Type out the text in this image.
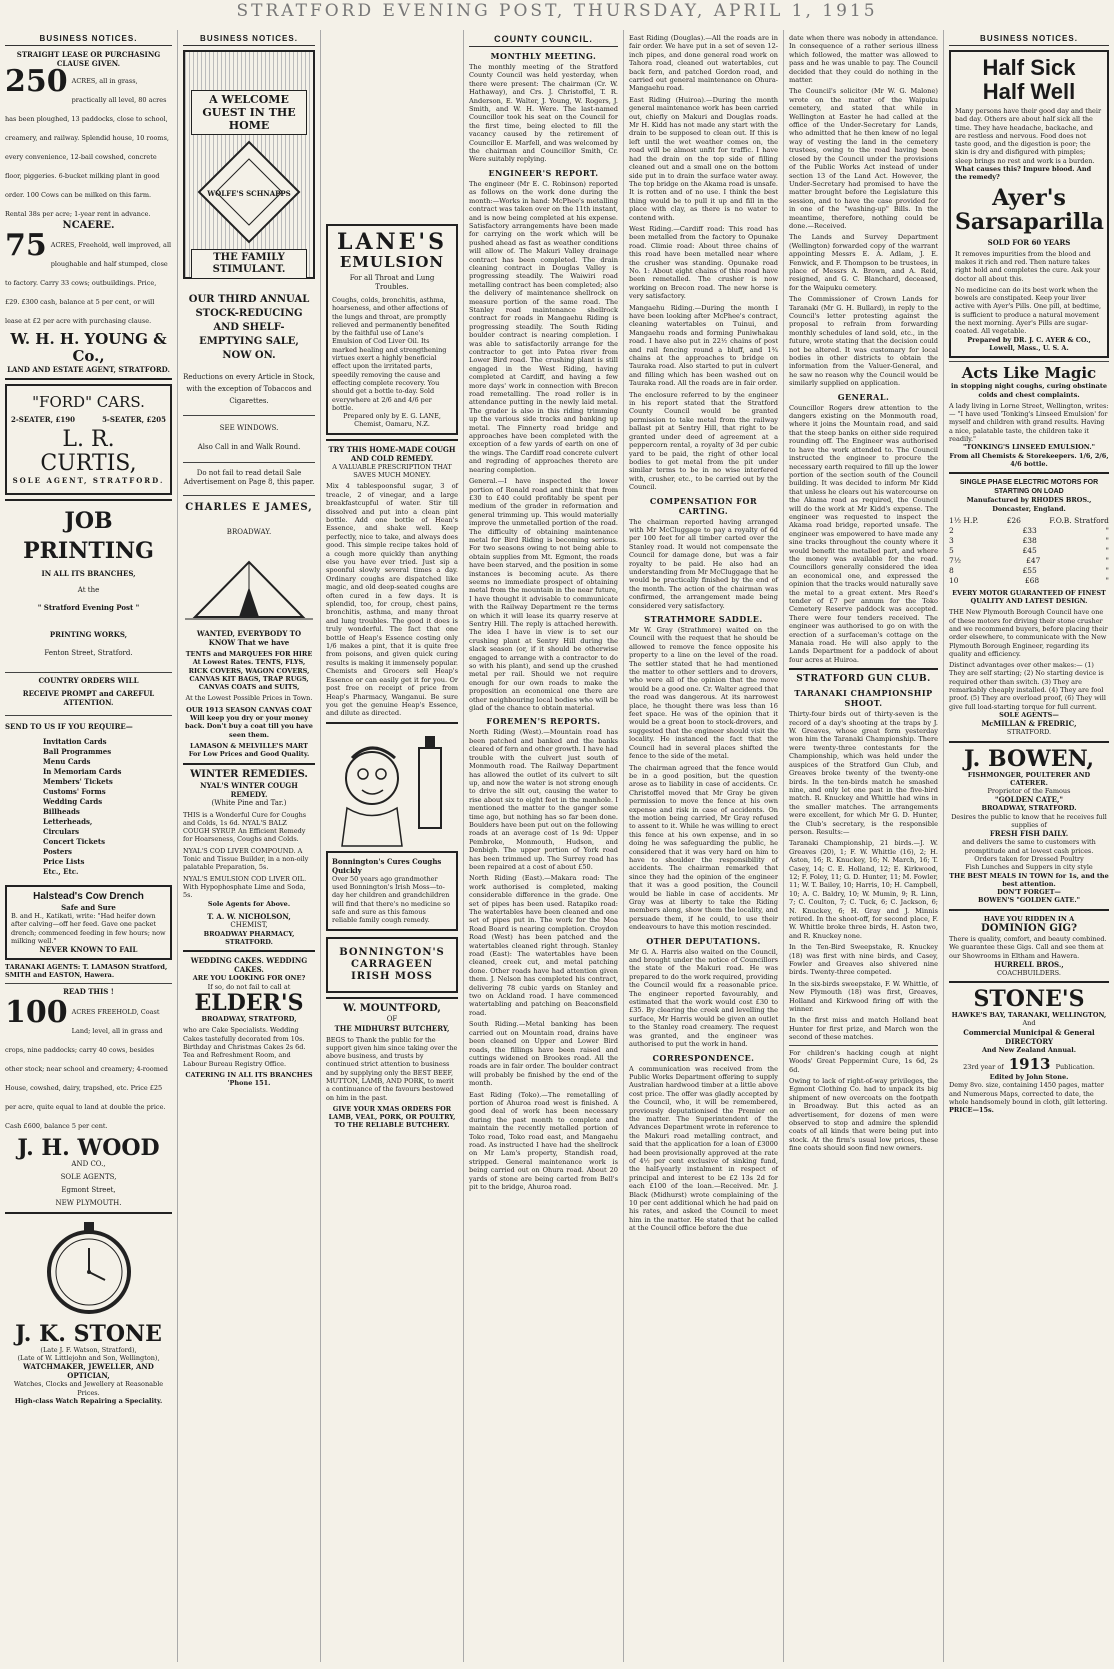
STRATFORD EVENING POST, THURSDAY, APRIL 1, 1915
BUSINESS NOTICES.
STRAIGHT LEASE OR PURCHASING CLAUSE GIVEN.
250 ACRES, all in grass, practically all level, 80 acres has been ploughed, 13 paddocks, close to school, creamery, and railway. Splendid house, 10 rooms, every convenience, 12-bail cowshed, concrete floor, piggeries. 6-bucket milking plant in good order. 100 Cows can be milked on this farm. Rental 38s per acre; 1-year rent in advance.
NCAERE.
75 ACRES, Freehold, well improved, all ploughable and half stumped, close to factory. Carry 33 cows; outbuildings. Price, £29. £300 cash, balance at 5 per cent, or will lease at £2 per acre with purchasing clause.
W. H. H. YOUNG & Co.,
LAND AND ESTATE AGENT, STRATFORD.
"FORD" CARS.
2-SEATER, £190	5-SEATER, £205
L. R. CURTIS,
SOLE AGENT, STRATFORD.
JOB
PRINTING
IN ALL ITS BRANCHES,
At the
" Stratford Evening Post "
PRINTING WORKS,
Fenton Street, Stratford.
COUNTRY ORDERS WILL
RECEIVE PROMPT and CAREFUL ATTENTION.
SEND TO US IF YOU REQUIRE—
Invitation Cards
Ball Programmes
Menu Cards
In Memoriam Cards
Members' Tickets
Customs' Forms
Wedding Cards
Billheads
Letterheads,
Circulars
Concert Tickets
Posters
Price Lists
Etc., Etc.
Halstead's Cow Drench
Safe and Sure
B. and H., Katikati, write: "Had heifer down after calving—off her feed. Gave one packet drench; commenced feeding in few hours; now milking well."
NEVER KNOWN TO FAIL
TARANAKI AGENTS: T. LAMASON Stratford, SMITH and EASTON, Hawera.
READ THIS !
100 ACRES FREEHOLD, Coast Land; level, all in grass and crops, nine paddocks; carry 40 cows, besides other stock; near school and creamery; 4-roomed House, cowshed, dairy, trapshed, etc. Price £25 per acre, quite equal to land at double the price. Cash £600, balance 5 per cent.
J. H. WOOD
AND CO.,
SOLE AGENTS,
Egmont Street,
NEW PLYMOUTH.
J. K. STONE
(Late J. F. Watson, Stratford),
(Late of W. Littlejohn and Son, Wellington),
WATCHMAKER, JEWELLER, AND OPTICIAN,
Watches, Clocks and Jewellery at Reasonable Prices.
High-class Watch Repairing a Speciality.
BUSINESS NOTICES.
A WELCOME GUEST IN THE HOME
WOLFE'S SCHNAPPS
THE FAMILY STIMULANT.
OUR THIRD ANNUAL STOCK-REDUCING AND SHELF-EMPTYING SALE, NOW ON.
Reductions on every Article in Stock, with the exception of Tobaccos and Cigarettes.
SEE WINDOWS.
Also Call in and Walk Round.
Do not fail to read detail Sale Advertisement on Page 8, this paper.
CHARLES E JAMES,
BROADWAY.
WANTED, EVERYBODY TO KNOW That we have
TENTS and MARQUEES FOR HIRE At Lowest Rates. TENTS, FLYS, RICK COVERS, WAGON COVERS, CANVAS KIT BAGS, TRAP RUGS, CANVAS COATS and SUITS,
At the Lowest Possible Prices in Town.
OUR 1913 SEASON CANVAS COAT Will keep you dry or your money back. Don't buy a coat till you have seen them.
LAMASON & MELVILLE'S MART For Low Prices and Good Quality.
WINTER REMEDIES.
NYAL'S WINTER COUGH REMEDY.
(White Pine and Tar.)
THIS is a Wonderful Cure for Coughs and Colds, 1s 6d. NYAL'S BALZ COUGH SYRUP. An Efficient Remedy for Hoarseness, Coughs and Colds.
NYAL'S COD LIVER COMPOUND. A Tonic and Tissue Builder, in a non-oily palatable Preparation, 5s.
NYAL'S EMULSION COD LIVER OIL. With Hypophosphate Lime and Soda, 5s.
Sole Agents for Above.
T. A. W. NICHOLSON,
CHEMIST,
BROADWAY PHARMACY, STRATFORD.
WEDDING CAKES. WEDDING CAKES.
ARE YOU LOOKING FOR ONE?
If so, do not fail to call at
ELDER'S
BROADWAY, STRATFORD,
who are Cake Specialists. Wedding Cakes tastefully decorated from 10s. Birthday and Christmas Cakes 2s 6d. Tea and Refreshment Room, and Labour Bureau Registry Office.
CATERING IN ALL ITS BRANCHES 'Phone 151.
LANE'S
EMULSION
For all Throat and Lung Troubles.
Coughs, colds, bronchitis, asthma, hoarseness, and other affections of the lungs and throat, are promptly relieved and permanently benefited by the faithful use of Lane's Emulsion of Cod Liver Oil. Its marked healing and strengthening virtues exert a highly beneficial effect upon the irritated parts, speedily removing the cause and effecting complete recovery. You should get a bottle to-day. Sold everywhere at 2/6 and 4/6 per bottle.
Prepared only by E. G. LANE, Chemist, Oamaru, N.Z.
TRY THIS HOME-MADE COUGH AND COLD REMEDY.
A VALUABLE PRESCRIPTION THAT SAVES MUCH MONEY.
Mix 4 tablespoonsful sugar, 3 of treacle, 2 of vinegar, and a large breakfastcupful of water. Stir till dissolved and put into a clean pint bottle. Add one bottle of Hean's Essence, and shake well. Keep perfectly, nice to take, and always does good. This simple recipe takes hold of a cough more quickly than anything else you have ever tried. Just sip a spoonful slowly several times a day. Ordinary coughs are dispatched like magic, and old deep-seated coughs are often cured in a few days. It is splendid, too, for croup, chest pains, bronchitis, asthma, and many throat and lung troubles. The good it does is truly wonderful. The fact that one bottle of Heap's Essence costing only 1/6 makes a pint, that it is quite free from poisons, and given quick curing results is making it immensely popular. Chemists and Grocers sell Heap's Essence or can easily get it for you. Or post free on receipt of price from Heap's Pharmacy, Wanganui. Be sure you get the genuine Heap's Essence, and dilute as directed.
Bonnington's Cures Coughs Quickly
Over 50 years ago grandmother used Bonnington's Irish Moss—to-day her children and grandchildren will find that there's no medicine so safe and sure as this famous reliable family cough remedy.
BONNINGTON'S CARRAGEEN IRISH MOSS
W. MOUNTFORD,
OF
THE MIDHURST BUTCHERY,
BEGS to Thank the public for the support given him since taking over the above business, and trusts by continued strict attention to business and by supplying only the BEST BEEF, MUTTON, LAMB, AND PORK, to merit a continuance of the favours bestowed on him in the past.
GIVE YOUR XMAS ORDERS FOR LAMB, VEAL, PORK, OR POULTRY, TO THE RELIABLE BUTCHERY.
COUNTY COUNCIL.
MONTHLY MEETING.

The monthly meeting of the Stratford County Council was held yesterday, when there were present: The chairman (Cr. W. Hathaway), and Crs. J. Christoffel, T. R. Anderson, E. Walter, J. Young, W. Rogers, J. Smith, and W. H. Were. The last-named Councillor took his seat on the Council for the first time, being elected to fill the vacancy caused by the retirement of Councillor E. Marfell, and was welcomed by the chairman and Councillor Smith, Cr. Were suitably replying.

ENGINEER'S REPORT.

The engineer (Mr E. C. Robinson) reported as follows on the work done during the month:—Works in hand: McPhee's metalling contract was taken over on the 11th instant, and is now being completed at his expense. Satisfactory arrangements have been made for carrying on the work which will be pushed ahead as fast as weather conditions will allow of. The Makuri Valley drainage contract has been completed. The drain cleaning contract in Douglas Valley is progressing steadily. The Waiwiri road metalling contract has been completed; also the delivery of maintenance shellrock on measure portion of the same road. The Stanley road maintenance shellrock contract for roads in Mangaehu Riding is progressing steadily. The South Riding boulder contract is nearing completion. I was able to satisfactorily arrange for the contractor to get into Patea river from Lower Bird road. The crushing plant is still engaged in the West Riding, having completed at Cardiff, and having a few more days' work in connection with Brecon road remetalling. The road roller is in attendance putting in the newly laid metal. The grader is also in this riding trimming up the various side tracks and banking up metal. The Finnerty road bridge and approaches have been completed with the exception of a few yards of earth on one of the wings. The Cardiff road concrete culvert and regrading of approaches thereto are nearing completion.

General.—I have inspected the lower portion of Ronald road and think that from £30 to £40 could profitably be spent per medium of the grader in reformation and general trimming up. This would materially improve the unmetalled portion of the road. The difficulty of obtaining maintenance metal for Bird Riding is becoming serious. For two seasons owing to not being able to obtain supplies from Mt. Egmont, the roads have been starved, and the position in some instances is becoming acute. As there seems no immediate prospect of obtaining metal from the mountain in the near future, I have thought it advisable to communicate with the Railway Department re the terms on which it will lease its quarry reserve at Sentry Hill. The reply is attached herewith. The idea I have in view is to set our crushing plant at Sentry Hill during the slack season (or, if it should be otherwise engaged to arrange with a contractor to do so with his plant), and send up the crushed metal per rail. Should we not require enough for our own roads to make the proposition an economical one there are other neighbouring local bodies who will be glad of the chance to obtain material.

FOREMEN'S REPORTS.

North Riding (West).—Mountain road has been patched and banked and the banks cleared of fern and other growth. I have had trouble with the culvert just south of Monmouth road. The Railway Department has allowed the outlet of its culvert to silt up, and now the water is not strong enough to drive the silt out, causing the water to rise about six to eight feet in the manhole. I mentioned the matter to the ganger some time ago, but nothing has so far been done. Boulders have been put out on the following roads at an average cost of 1s 9d: Upper Pembroke, Monmouth, Hudson, and Denbigh. The upper portion of York road has been trimmed up. The Surrey road has been repaired at a cost of about £50.

North Riding (East).—Makara road: The work authorised is completed, making considerable difference in the grade. One set of pipes has been used. Ratapiko road: The watertables have been cleaned and one set of pipes put in. The work for the Moa Road Board is nearing completion. Croydon Road (West) has been patched and the watertables cleaned right through. Stanley road (East): The watertables have been cleaned, creek cut, and metal patching done. Other roads have had attention given them. J. Nelson has completed his contract, delivering 78 cubic yards on Stanley and two on Ackland road. I have commenced watertabling and patching on Beaconsfield road.

South Riding.—Metal banking has been carried out on Mountain road, drains have been cleaned on Upper and Lower Bird roads, the fillings have been raised and cuttings widened on Brookes road. All the roads are in fair order. The boulder contract will probably be finished by the end of the month.

East Riding (Toko).—The remetalling of portion of Ahuroa road west is finished. A good deal of work has been necessary during the past month to complete and maintain the recently metalled portion of Toko road, Toko road east, and Mangaehu road. As instructed I have had the shellrock on Mr Lam's property, Standish road, stripped. General maintenance work is being carried out on Ohura road. About 20 yards of stone are being carted from Bell's pit to the bridge, Ahuroa road.

East Riding (Douglas).—All the roads are in fair order. We have put in a set of seven 12-inch pipes, and done general road work on Tahora road, cleaned out watertables, cut back fern, and patched Gordon road, and carried out general maintenance on Ohura-Mangaehu road.

East Riding (Huiroa).—During the month general maintenance work has been carried out, chiefly on Makuri and Douglas roads. Mr H. Kidd has not made any start with the drain to be supposed to clean out. If this is left until the wet weather comes on, the road will be almost unfit for traffic. I have had the drain on the top side of filling cleaned out and a small one on the bottom side put in to drain the surface water away. The top bridge on the Akama road is unsafe. It is rotten and of no use. I think the best thing would be to pull it up and fill in the place with clay, as there is no water to contend with.

West Riding.—Cardiff road: This road has been metalled from the factory to Opunake road. Climie road: About three chains of this road have been metalled near where the crusher was standing. Opunake road No. 1: About eight chains of this road have been remetalled. The crusher is now working on Brecon road. The new horse is very satisfactory.

Mangaehu Riding.—During the month I have been looking after McPhee's contract, cleaning watertables on Tuinui, and Mangaehu roads and forming Puniwhakau road. I have also put in 22½ chains of post and rail fencing round a bluff, and 1¾ chains at the approaches to bridge on Tauraka road. Also started to put in culvert and filling which has been washed out on Tauraka road. All the roads are in fair order.

The enclosure referred to by the engineer in his report stated that the Stratford County Council would be granted permission to take metal from the railway ballast pit at Sentry Hill, that right to be granted under deed of agreement at a peppercorn rental, a royalty of 3d per cubic yard to be paid, the right of other local bodies to get metal from the pit under similar terms to be in no wise interfered with, crusher, etc., to be carried out by the Council.

COMPENSATION FOR CARTING.

The chairman reported having arranged with Mr McCluggage to pay a royalty of 6d per 100 feet for all timber carted over the Stanley road. It would not compensate the Council for damage done, but was a fair royalty to be paid. He also had an understanding from Mr McCluggage that he would be practically finished by the end of the month. The action of the chairman was confirmed, the arrangement made being considered very satisfactory.

STRATHMORE SADDLE.

Mr W. Gray (Strathmore) waited on the Council with the request that he should be allowed to remove the fence opposite his property to a line on the level of the road. The settler stated that he had mentioned the matter to other settlers and to drovers, who were all of the opinion that the move would be a good one. Cr. Walter agreed that the road was dangerous. At its narrowest place, he thought there was less than 16 feet space. He was of the opinion that it would be a great boon to stock-drovers, and suggested that the engineer should visit the locality. He instanced the fact that the Council had in several places shifted the fence to the side of the metal.

The chairman agreed that the fence would be in a good position, but the question arose as to liability in case of accidents. Cr. Christoffel moved that Mr Gray be given permission to move the fence at his own expense and risk in case of accidents. On the motion being carried, Mr Gray refused to assent to it. While he was willing to erect this fence at his own expense, and in so doing he was safeguarding the public, he considered that it was very hard on him to have to shoulder the responsibility of accidents. The chairman remarked that since they had the opinion of the engineer that it was a good position, the Council would be liable in case of accidents. Mr Gray was at liberty to take the Riding members along, show them the locality, and persuade them, if he could, to use their endeavours to have this motion rescinded.

OTHER DEPUTATIONS.

Mr G. A. Harris also waited on the Council, and brought under the notice of Councillors the state of the Makuri road. He was prepared to do the work required, providing the Council would fix a reasonable price. The engineer reported favourably, and estimated that the work would cost £30 to £35. By clearing the creek and levelling the surface, Mr Harris would be given an outlet to the Stanley road creamery. The request was granted, and the engineer was authorised to put the work in hand.

CORRESPONDENCE.

A communication was received from the Public Works Department offering to supply Australian hardwood timber at a little above cost price. The offer was gladly accepted by the Council, who, it will be remembered, previously deputationised the Premier on the matter. The Superintendent of the Advances Department wrote in reference to the Makuri road metalling contract, and said that the application for a loan of £3000 had been provisionally approved at the rate of 4½ per cent exclusive of sinking fund, the half-yearly instalment in respect of principal and interest to be £2 13s 2d for each £100 of the loan.—Received. Mr. J. Black (Midhurst) wrote complaining of the 10 per cent additional which he had paid on his rates, and asked the Council to meet him in the matter. He stated that he called at the Council office before the due

date when there was nobody in attendance. In consequence of a rather serious illness which followed, the matter was allowed to pass and he was unable to pay. The Council decided that they could do nothing in the matter.

The Council's solicitor (Mr W. G. Malone) wrote on the matter of the Waipuku cemetery, and stated that while in Wellington at Easter he had called at the office of the Under-Secretary for Lands, who admitted that he then knew of no legal way of vesting the land in the cemetery trustees, owing to the road having been closed by the Council under the provisions of the Public Works Act instead of under section 13 of the Land Act. However, the Under-Secretary had promised to have the matter brought before the Legislature this session, and to have the case provided for in one of the "washing-up" Bills. In the meantime, therefore, nothing could be done.—Received.

The Lands and Survey Department (Wellington) forwarded copy of the warrant appointing Messrs E. A. Adlam, J. E. Fenwick, and F. Thompson to be trustees, in place of Messrs A. Brown, and A. Reid, resigned, and G. C. Blanchard, deceased, for the Waipuku cemetery.

The Commissioner of Crown Lands for Taranaki (Mr G. H. Bullard), in reply to the Council's letter protesting against the proposal to refrain from forwarding monthly schedules of land sold, etc., in the future, wrote stating that the decision could not be altered. It was customary for local bodies in other districts to obtain the information from the Valuer-General, and he saw no reason why the Council would be similarly supplied on application.

GENERAL.

Councillor Rogers drew attention to the dangers existing on the Monmouth road, where it joins the Mountain road, and said that the steep banks on either side required rounding off. The Engineer was authorised to have the work attended to. The Council instructed the engineer to procure the necessary earth required to fill up the lower portion of the section south of the Council building. It was decided to inform Mr Kidd that unless he clears out his watercourse on the Akama road as required, the Council will do the work at Mr Kidd's expense. The engineer was requested to inspect the Akama road bridge, reported unsafe. The engineer was empowered to have made any sine tracks throughout the county where it would benefit the metalled part, and where the money was available for the road. Councillors generally considered the idea an economical one, and expressed the opinion that the tracks would naturally save the metal to a great extent. Mrs Reed's tender of £7 per annum for the Toko Cemetery Reserve paddock was accepted. There were four tenders received. The engineer was authorised to go on with the erection of a surfaceman's cottage on the Manaia road. He will also apply to the Lands Department for a paddock of about four acres at Huiroa.

STRATFORD GUN CLUB.
TARANAKI CHAMPIONSHIP SHOOT.

Thirty-four birds out of thirty-seven is the record of a day's shooting at the traps by J. W. Greaves, whose great form yesterday won him the Taranaki Championship. There were twenty-three contestants for the Championship, which was held under the auspices of the Stratford Gun Club, and Greaves broke twenty of the twenty-one birds. In the ten-birds match he smashed nine, and only let one past in the five-bird match. R. Knuckey and Whittle had wins in the smaller matches. The arrangements were excellent, for which Mr G. D. Hunter, the Club's secretary, is the responsible person. Results:—

Taranaki Championship, 21 birds.—J. W. Greaves (20), 1; F. W. Whittle (16), 2; H. Aston, 16; R. Knuckey, 16; N. March, 16; T. Casey, 14; C. E. Holland, 12; E. Kirkwood, 12; F. Foley, 11; G. D. Hunter, 11; M. Fowler, 11; W. T. Bailey, 10; Harris, 10; H. Campbell, 10; A. C. Baldry, 10; W. Mumin, 9; R. Linn, 7; C. Coulton, 7; C. Tuck, 6; C. Jackson, 6; N. Knuckey, 6; H. Gray and J. Minnis retired. In the shoot-off, for second place, F. W. Whittle broke three birds, H. Aston two, and R. Knuckey none.

In the Ten-Bird Sweepstake, R. Knuckey (18) was first with nine birds, and Casey, Fowler and Greaves also shivered nine birds. Twenty-three competed.

In the six-birds sweepstake, F. W. Whittle, of New Plymouth (18) was first, Greaves, Holland and Kirkwood firing off with the winner.

In the first miss and match Holland beat Hunter for first prize, and March won the second of these matches.

For children's hacking cough at night Woods' Great Peppermint Cure, 1s 6d, 2s 6d.

Owing to lack of right-of-way privileges, the Egmont Clothing Co. had to unpack its big shipment of new overcoats on the footpath in Broadway. But this acted as an advertisement, for dozens of men were observed to stop and admire the splendid coats of all kinds that were being put into stock. At the firm's usual low prices, these fine coats should soon find new owners.

BUSINESS NOTICES.
Half Sick
Half Well
Many persons have their good day and their bad day. Others are about half sick all the time. They have headache, backache, and are restless and nervous. Food does not taste good, and the digestion is poor; the skin is dry and disfigured with pimples; sleep brings no rest and work is a burden.
What causes this? Impure blood. And the remedy?
Ayer's Sarsaparilla
SOLD FOR 60 YEARS
It removes impurities from the blood and makes it rich and red. Then nature takes right hold and completes the cure. Ask your doctor all about this.
No medicine can do its best work when the bowels are constipated. Keep your liver active with Ayer's Pills. One pill, at bedtime, is sufficient to produce a natural movement the next morning. Ayer's Pills are sugar-coated. All vegetable.
Prepared by DR. J. C. AYER & CO., Lowell, Mass., U. S. A.
Acts Like Magic
in stopping night coughs, curing obstinate colds and chest complaints.
A lady living in Lorne Street, Wellington, writes:— "I have used 'Tonking's Linseed Emulsion' for myself and children with grand results. Having a nice, palatable taste, the children take it readily."
"TONKING'S LINSEED EMULSION."
From all Chemists & Storekeepers. 1/6, 2/6, 4/6 bottle.
SINGLE PHASE ELECTRIC MOTORS FOR STARTING ON LOAD
Manufactured by RHODES BROS., Doncaster, England.
1½ H.P.	£26	F.O.B. Stratford
2	£33	"
3	£38	"
5	£45	"
7½	£47	"
8	£55	"
10	£68	"
EVERY MOTOR GUARANTEED OF FINEST QUALITY AND LATEST DESIGN.
THE New Plymouth Borough Council have one of these motors for driving their stone crusher and we recommend buyers, before placing their order elsewhere, to communicate with the New Plymouth Borough Engineer, regarding its quality and efficiency.
Distinct advantages over other makes:— (1) They are self starting; (2) No starting device is required other than switch. (3) They are remarkably cheaply installed. (4) They are fool proof. (5) They are overload proof, (6) They will give full load-starting torque for full current.
SOLE AGENTS—
McMILLAN & FREDRIC,
STRATFORD.
J. BOWEN,
FISHMONGER, POULTERER AND CATERER.
Proprietor of the Famous
"GOLDEN CATE,"
BROADWAY, STRATFORD.
Desires the public to know that he receives full supplies of
FRESH FISH DAILY.
and delivers the same to customers with promptitude and at lowest cash prices.
Orders taken for Dressed Poultry
Fish Lunches and Suppers in city style
THE BEST MEALS IN TOWN for 1s, and the best attention.
DON'T FORGET—
BOWEN'S "GOLDEN GATE."
HAVE YOU RIDDEN IN A
DOMINION GIG?
There is quality, comfort, and beauty combined. We guarantee these Gigs. Call and see them at our Showrooms in Eltham and Hawera.
HURRELL BROS.,
COACHBUILDERS.
STONE'S
HAWKE'S BAY, TARANAKI, WELLINGTON,
And
Commercial Municipal & General DIRECTORY
And New Zealand Annual.
23rd year of 1913 Publication.
Edited by John Stone.
Demy 8vo. size, containing 1450 pages, matter and Numerous Maps, corrected to date, the whole handsomely bound in cloth, gilt lettering.
PRICE—15s.
